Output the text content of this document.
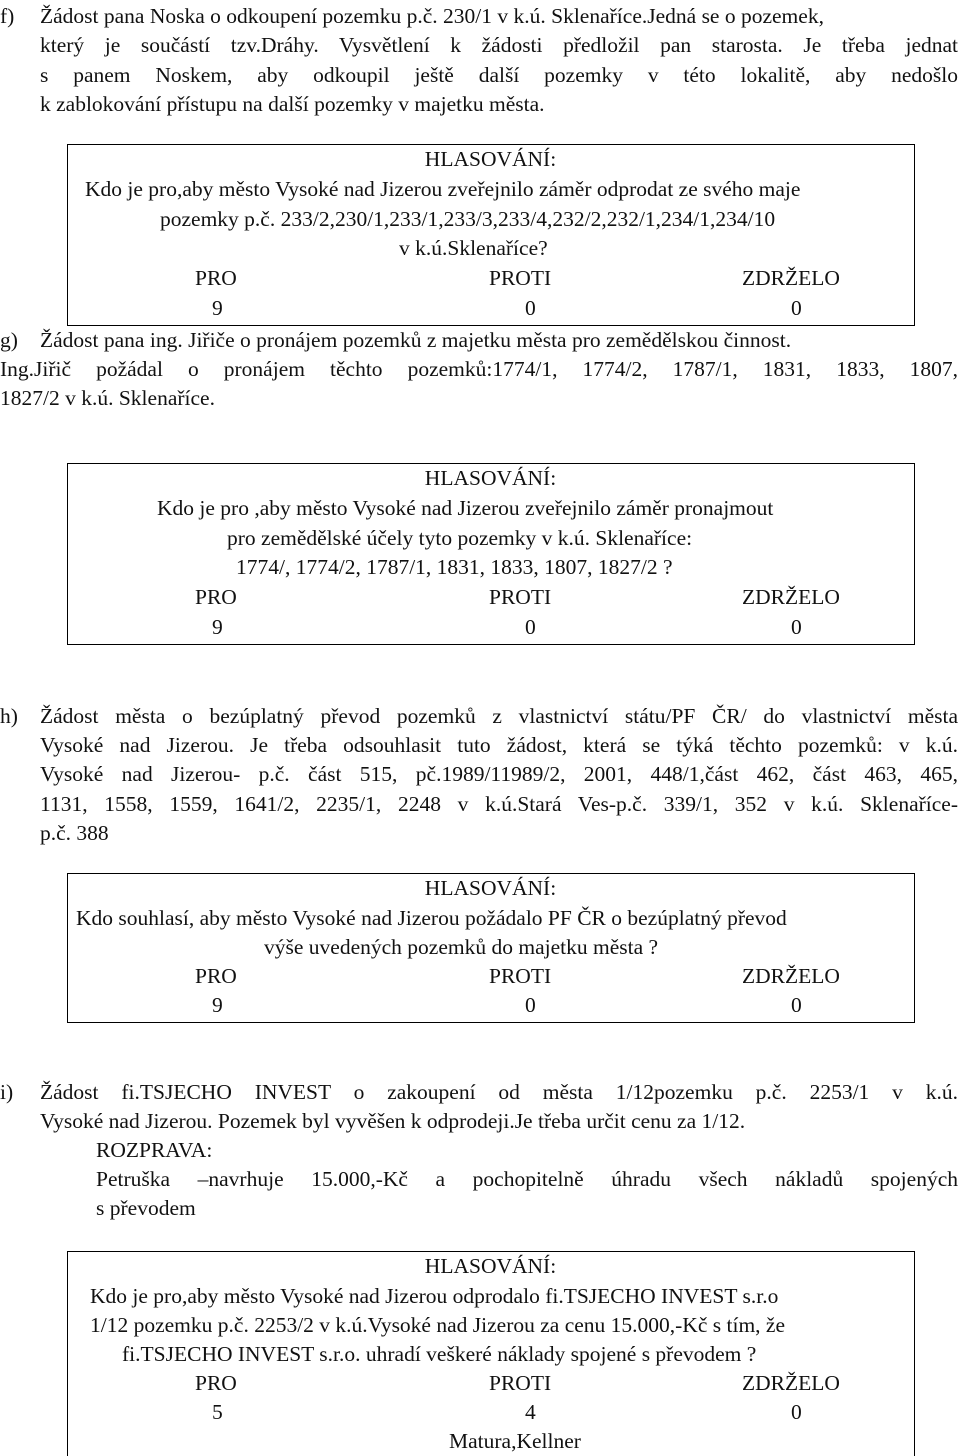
f) Žádost pana Noska o odkoupení pozemku p.č. 230/1 v k.ú. Sklenaříce.Jedná se o pozemek,
který je součástí tzv.Dráhy. Vysvětlení k žádosti předložil pan starosta. Je třeba jednat
s panem Noskem, aby odkoupil ještě další pozemky v této lokalitě, aby nedošlo
k zablokování přístupu na další pozemky v majetku města.
HLASOVÁNÍ:
Kdo je pro,aby město Vysoké nad Jizerou zveřejnilo záměr odprodat ze svého maje
pozemky p.č. 233/2,230/1,233/1,233/3,233/4,232/2,232/1,234/1,234/10
v k.ú.Sklenaříce?
PRO	PROTI	ZDRŽELO
9	0	0
g) Žádost pana ing. Jiřiče o pronájem pozemků z majetku města pro zemědělskou činnost.
Ing.Jiřič požádal o pronájem těchto pozemků:1774/1, 1774/2, 1787/1, 1831, 1833, 1807,
1827/2 v k.ú. Sklenaříce.
HLASOVÁNÍ:
Kdo je pro ,aby město Vysoké nad Jizerou zveřejnilo záměr pronajmout
pro zemědělské účely tyto pozemky v k.ú. Sklenaříce:
1774/, 1774/2, 1787/1, 1831, 1833, 1807, 1827/2 ?
PRO	PROTI	ZDRŽELO
9	0	0
h) Žádost města o bezúplatný převod pozemků z vlastnictví státu/PF ČR/ do vlastnictví města
Vysoké nad Jizerou. Je třeba odsouhlasit tuto žádost, která se týká těchto pozemků: v k.ú.
Vysoké nad Jizerou- p.č. část 515, pč.1989/11989/2, 2001, 448/1,část 462, část 463, 465,
1131, 1558, 1559, 1641/2, 2235/1, 2248 v k.ú.Stará Ves-p.č. 339/1, 352 v k.ú. Sklenaříce-
p.č. 388
HLASOVÁNÍ:
Kdo souhlasí, aby město Vysoké nad Jizerou požádalo PF ČR o bezúplatný převod
výše uvedených pozemků do majetku města ?
PRO	PROTI	ZDRŽELO
9	0	0
i) Žádost fi.TSJECHO INVEST o zakoupení od města 1/12pozemku p.č. 2253/1 v k.ú.
Vysoké nad Jizerou. Pozemek byl vyvěšen k odprodeji.Je třeba určit cenu za 1/12.
ROZPRAVA:
Petruška –navrhuje 15.000,-Kč a pochopitelně úhradu všech nákladů spojených
s převodem
HLASOVÁNÍ:
Kdo je pro,aby město Vysoké nad Jizerou odprodalo fi.TSJECHO INVEST s.r.o
1/12 pozemku p.č. 2253/2 v k.ú.Vysoké nad Jizerou za cenu 15.000,-Kč s tím, že
fi.TSJECHO INVEST s.r.o. uhradí veškeré náklady spojené s převodem ?
PRO	PROTI	ZDRŽELO
5	4	0
Matura,Kellner
